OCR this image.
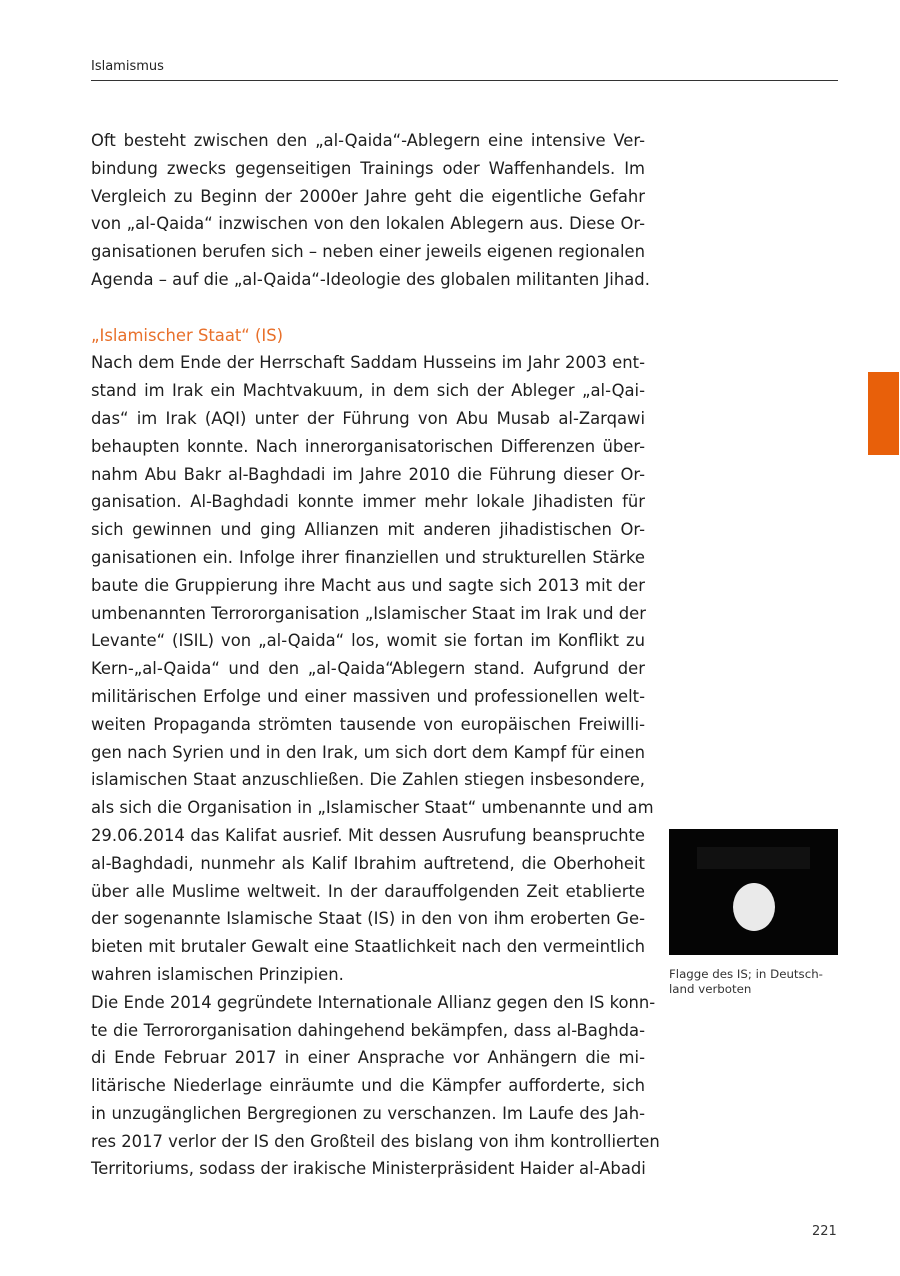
Islamismus

Oft besteht zwischen den „al-Qaida“-Ablegern eine intensive Ver-
bindung zwecks gegenseitigen Trainings oder Waffenhandels. Im
Vergleich zu Beginn der 2000er Jahre geht die eigentliche Gefahr
von „al-Qaida“ inzwischen von den lokalen Ablegern aus. Diese Or-
ganisationen berufen sich – neben einer jeweils eigenen regionalen
Agenda – auf die „al-Qaida“-Ideologie des globalen militanten Jihad.

„Islamischer Staat“ (IS)

Nach dem Ende der Herrschaft Saddam Husseins im Jahr 2003 ent-
stand im Irak ein Machtvakuum, in dem sich der Ableger „al-Qai-
das“ im Irak (AQI) unter der Führung von Abu Musab al-Zarqawi
behaupten konnte. Nach innerorganisatorischen Differenzen über-
nahm Abu Bakr al-Baghdadi im Jahre 2010 die Führung dieser Or-
ganisation. Al-Baghdadi konnte immer mehr lokale Jihadisten für
sich gewinnen und ging Allianzen mit anderen jihadistischen Or-
ganisationen ein. Infolge ihrer finanziellen und strukturellen Stärke
baute die Gruppierung ihre Macht aus und sagte sich 2013 mit der
umbenannten Terrororganisation „Islamischer Staat im Irak und der
Levante“ (ISIL) von „al-Qaida“ los, womit sie fortan im Konflikt zu
Kern-„al-Qaida“ und den „al-Qaida“Ablegern stand. Aufgrund der
militärischen Erfolge und einer massiven und professionellen welt-
weiten Propaganda strömten tausende von europäischen Freiwilli-
gen nach Syrien und in den Irak, um sich dort dem Kampf für einen
islamischen Staat anzuschließen. Die Zahlen stiegen insbesondere,
als sich die Organisation in „Islamischer Staat“ umbenannte und am
29.06.2014 das Kalifat ausrief. Mit dessen Ausrufung beanspruchte
al-Baghdadi, nunmehr als Kalif Ibrahim auftretend, die Oberhoheit
über alle Muslime weltweit. In der darauffolgenden Zeit etablierte
der sogenannte Islamische Staat (IS) in den von ihm eroberten Ge-
bieten mit brutaler Gewalt eine Staatlichkeit nach den vermeintlich
wahren islamischen Prinzipien.

Die Ende 2014 gegründete Internationale Allianz gegen den IS konn-
te die Terrororganisation dahingehend bekämpfen, dass al-Baghda-
di Ende Februar 2017 in einer Ansprache vor Anhängern die mi-
litärische Niederlage einräumte und die Kämpfer aufforderte, sich
in unzugänglichen Bergregionen zu verschanzen. Im Laufe des Jah-
res 2017 verlor der IS den Großteil des bislang von ihm kontrollierten
Territoriums, sodass der irakische Ministerpräsident Haider al-Abadi

Flagge des IS; in Deutsch-
land verboten
221
